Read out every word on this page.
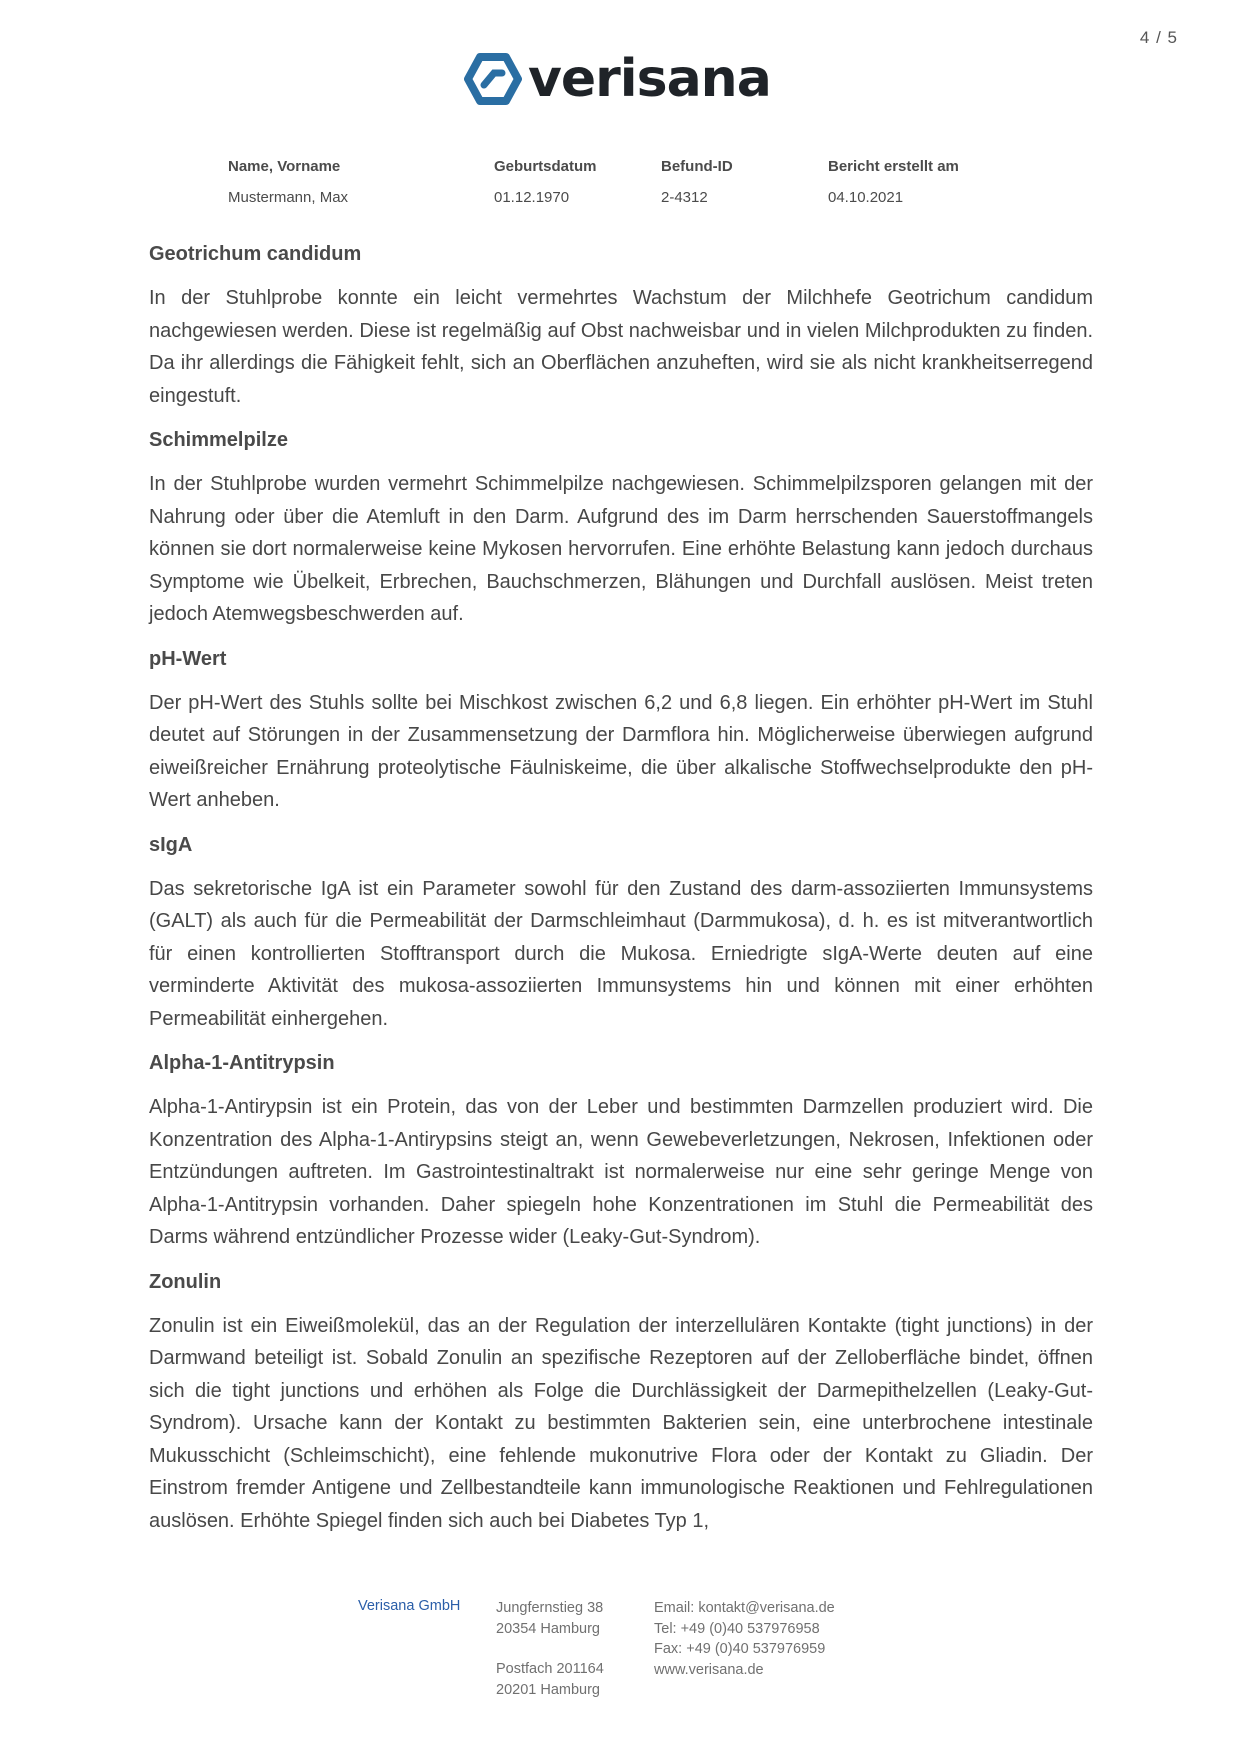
4 / 5
verisana
Name, Vorname
Mustermann, Max
Geburtsdatum
01.12.1970
Befund-ID
2-4312
Bericht erstellt am
04.10.2021
Geotrichum candidum

In der Stuhlprobe konnte ein leicht vermehrtes Wachstum der Milchhefe Geotrichum candidum nachgewiesen werden. Diese ist regelmäßig auf Obst nachweisbar und in vielen Milchprodukten zu finden. Da ihr allerdings die Fähigkeit fehlt, sich an Oberflächen anzuheften, wird sie als nicht krankheitserregend eingestuft.

Schimmelpilze

In der Stuhlprobe wurden vermehrt Schimmelpilze nachgewiesen. Schimmelpilzsporen gelangen mit der Nahrung oder über die Atemluft in den Darm. Aufgrund des im Darm herrschenden Sauerstoffmangels können sie dort normalerweise keine Mykosen hervorrufen. Eine erhöhte Belastung kann jedoch durchaus Symptome wie Übelkeit, Erbrechen, Bauchschmerzen, Blähungen und Durchfall auslösen. Meist treten jedoch Atemwegsbeschwerden auf.

pH-Wert

Der pH-Wert des Stuhls sollte bei Mischkost zwischen 6,2 und 6,8 liegen. Ein erhöhter pH-Wert im Stuhl deutet auf Störungen in der Zusammensetzung der Darmflora hin. Möglicherweise überwiegen aufgrund eiweißreicher Ernährung proteolytische Fäulniskeime, die über alkalische Stoffwechselprodukte den pH-Wert anheben.

sIgA

Das sekretorische IgA ist ein Parameter sowohl für den Zustand des darm-assoziierten Immunsystems (GALT) als auch für die Permeabilität der Darmschleimhaut (Darmmukosa), d. h. es ist mitverantwortlich für einen kontrollierten Stofftransport durch die Mukosa. Erniedrigte sIgA-Werte deuten auf eine verminderte Aktivität des mukosa-assoziierten Immunsystems hin und können mit einer erhöhten Permeabilität einhergehen.

Alpha-1-Antitrypsin

Alpha-1-Antirypsin ist ein Protein, das von der Leber und bestimmten Darmzellen produziert wird. Die Konzentration des Alpha-1-Antirypsins steigt an, wenn Gewebeverletzungen, Nekrosen, Infektionen oder Entzündungen auftreten. Im Gastrointestinaltrakt ist normalerweise nur eine sehr geringe Menge von Alpha-1-Antitrypsin vorhanden. Daher spiegeln hohe Konzentrationen im Stuhl die Permeabilität des Darms während entzündlicher Prozesse wider (Leaky-Gut-Syndrom).

Zonulin

Zonulin ist ein Eiweißmolekül, das an der Regulation der interzellulären Kontakte (tight junctions) in der Darmwand beteiligt ist. Sobald Zonulin an spezifische Rezeptoren auf der Zelloberfläche bindet, öffnen sich die tight junctions und erhöhen als Folge die Durchlässigkeit der Darmepithelzellen (Leaky-Gut-Syndrom). Ursache kann der Kontakt zu bestimmten Bakterien sein, eine unterbrochene intestinale Mukusschicht (Schleimschicht), eine fehlende mukonutrive Flora oder der Kontakt zu Gliadin. Der Einstrom fremder Antigene und Zellbestandteile kann immunologische Reaktionen und Fehlregulationen auslösen. Erhöhte Spiegel finden sich auch bei Diabetes Typ 1,

Verisana GmbH Jungfernstieg 38
20354 Hamburg
Postfach 201164
20201 Hamburg
Email: kontakt@verisana.de
Tel: +49 (0)40 537976958
Fax: +49 (0)40 537976959
www.verisana.de
